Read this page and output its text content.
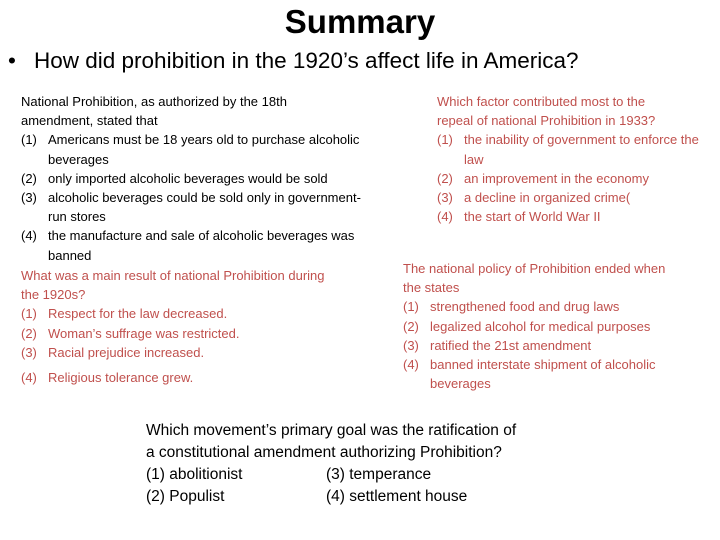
Summary
• How did prohibition in the 1920’s affect life in America?
National Prohibition, as authorized by the 18th
amendment, stated that
(1) Americans must be 18 years old to purchase alcoholic beverages
(2) only imported alcoholic beverages would be sold
(3) alcoholic beverages could be sold only in government-run stores
(4) the manufacture and sale of alcoholic beverages was banned
What was a main result of national Prohibition during
the 1920s?
(1) Respect for the law decreased.
(2) Woman’s suffrage was restricted.
(3) Racial prejudice increased.
(4) Religious tolerance grew.
Which factor contributed most to the
repeal of national Prohibition in 1933?
(1) the inability of government to enforce the law
(2) an improvement in the economy
(3) a decline in organized crime(
(4) the start of World War II
The national policy of Prohibition ended when
the states
(1) strengthened food and drug laws
(2) legalized alcohol for medical purposes
(3) ratified the 21st amendment
(4) banned interstate shipment of alcoholic beverages
Which movement’s primary goal was the ratification of
a constitutional amendment authorizing Prohibition?
(1) abolitionist	(3) temperance
(2) Populist	(4) settlement house
